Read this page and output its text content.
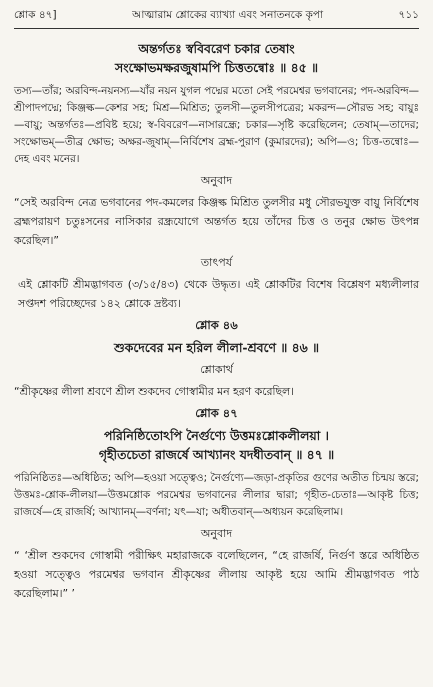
শ্লোক ৪৭]	আত্মারাম শ্লোকের ব্যাখ্যা এবং সনাতনকে কৃপা	৭১১
অন্তর্গতঃ স্ববিবরেণ চকার তেষাং
সংক্ষোভমক্ষরজুষামপি চিত্ততন্বোঃ ॥ ৪৫ ॥
তস্য—তাঁর; অরবিন্দ-নয়নস্য—যাঁর নয়ন যুগল পদ্মের মতো সেই পরমেশ্বর ভগবানের; পদ-অরবিন্দ—শ্রীপাদপদ্মে; কিঞ্জল্ক—কেশর সহ; মিশ্র—মিশ্রিত; তুলসী—তুলসীপত্রের; মকরন্দ—সৌরভ সহ; বায়ুঃ—বায়ু; অন্তর্গতঃ—প্রবিষ্ট হয়ে; স্ব-বিবরেণ—নাসারন্ধ্রে; চকার—সৃষ্টি করেছিলেন; তেষাম্—তাদের; সংক্ষোভম্—তীব্র ক্ষোভ; অক্ষর-জুষাম্—নির্বিশেষ ব্রহ্ম-পুরাণ (কুমারদের); অপি—ও; চিত্ত-তন্বোঃ—দেহ এবং মনের।
অনুবাদ
“সেই অরবিন্দ নেত্র ভগবানের পদ-কমলের কিঞ্জল্ক মিশ্রিত তুলসীর মধু সৌরভযুক্ত বায়ু নির্বিশেষ ব্রহ্মপরায়ণ চতুঃসনের নাসিকার রন্ধ্রযোগে অন্তর্গত হয়ে তাঁদের চিত্ত ও তনুর ক্ষোভ উৎপন্ন করেছিল।”
তাৎপর্য
এই শ্লোকটি শ্রীমদ্ভাগবত (৩/১৫/৪৩) থেকে উদ্ধৃত। এই শ্লোকটির বিশেষ বিশ্লেষণ মধ্যলীলার সপ্তদশ পরিচ্ছেদের ১৪২ শ্লোকে দ্রষ্টব্য।
শ্লোক ৪৬
শুকদেবের মন হরিল লীলা-শ্রবণে ॥ ৪৬ ॥
শ্লোকার্থ
“শ্রীকৃষ্ণের লীলা শ্রবণে শ্রীল শুকদেব গোস্বামীর মন হরণ করেছিল।
শ্লোক ৪৭
পরিনিষ্ঠিতোঽপি নৈর্গুণ্যে উত্তমঃশ্লোকলীলয়া ।
গৃহীতচেতা রাজর্ষে আখ্যানং যদধীতবান্ ॥ ৪৭ ॥
পরিনিষ্ঠিতঃ—অধিষ্ঠিত; অপি—হওয়া সত্ত্বেও; নৈর্গুণ্যে—জড়া-প্রকৃতির গুণের অতীত চিন্ময় স্তরে; উত্তমঃ-শ্লোক-লীলয়া—উত্তমশ্লোক পরমেশ্বর ভগবানের লীলার দ্বারা; গৃহীত-চেতাঃ—আকৃষ্ট চিত্ত; রাজর্ষে—হে রাজর্ষি; আখ্যানম্—বর্ণনা; যৎ—যা; অধীতবান্—অধ্যয়ন করেছিলাম।
অনুবাদ
“ ‘শ্রীল শুকদেব গোস্বামী পরীক্ষিৎ মহারাজকে বলেছিলেন, “হে রাজর্ষি, নির্গুণ স্তরে অধিষ্ঠিত হওয়া সত্ত্বেও পরমেশ্বর ভগবান শ্রীকৃষ্ণের লীলায় আকৃষ্ট হয়ে আমি শ্রীমদ্ভাগবত পাঠ করেছিলাম।” ’
